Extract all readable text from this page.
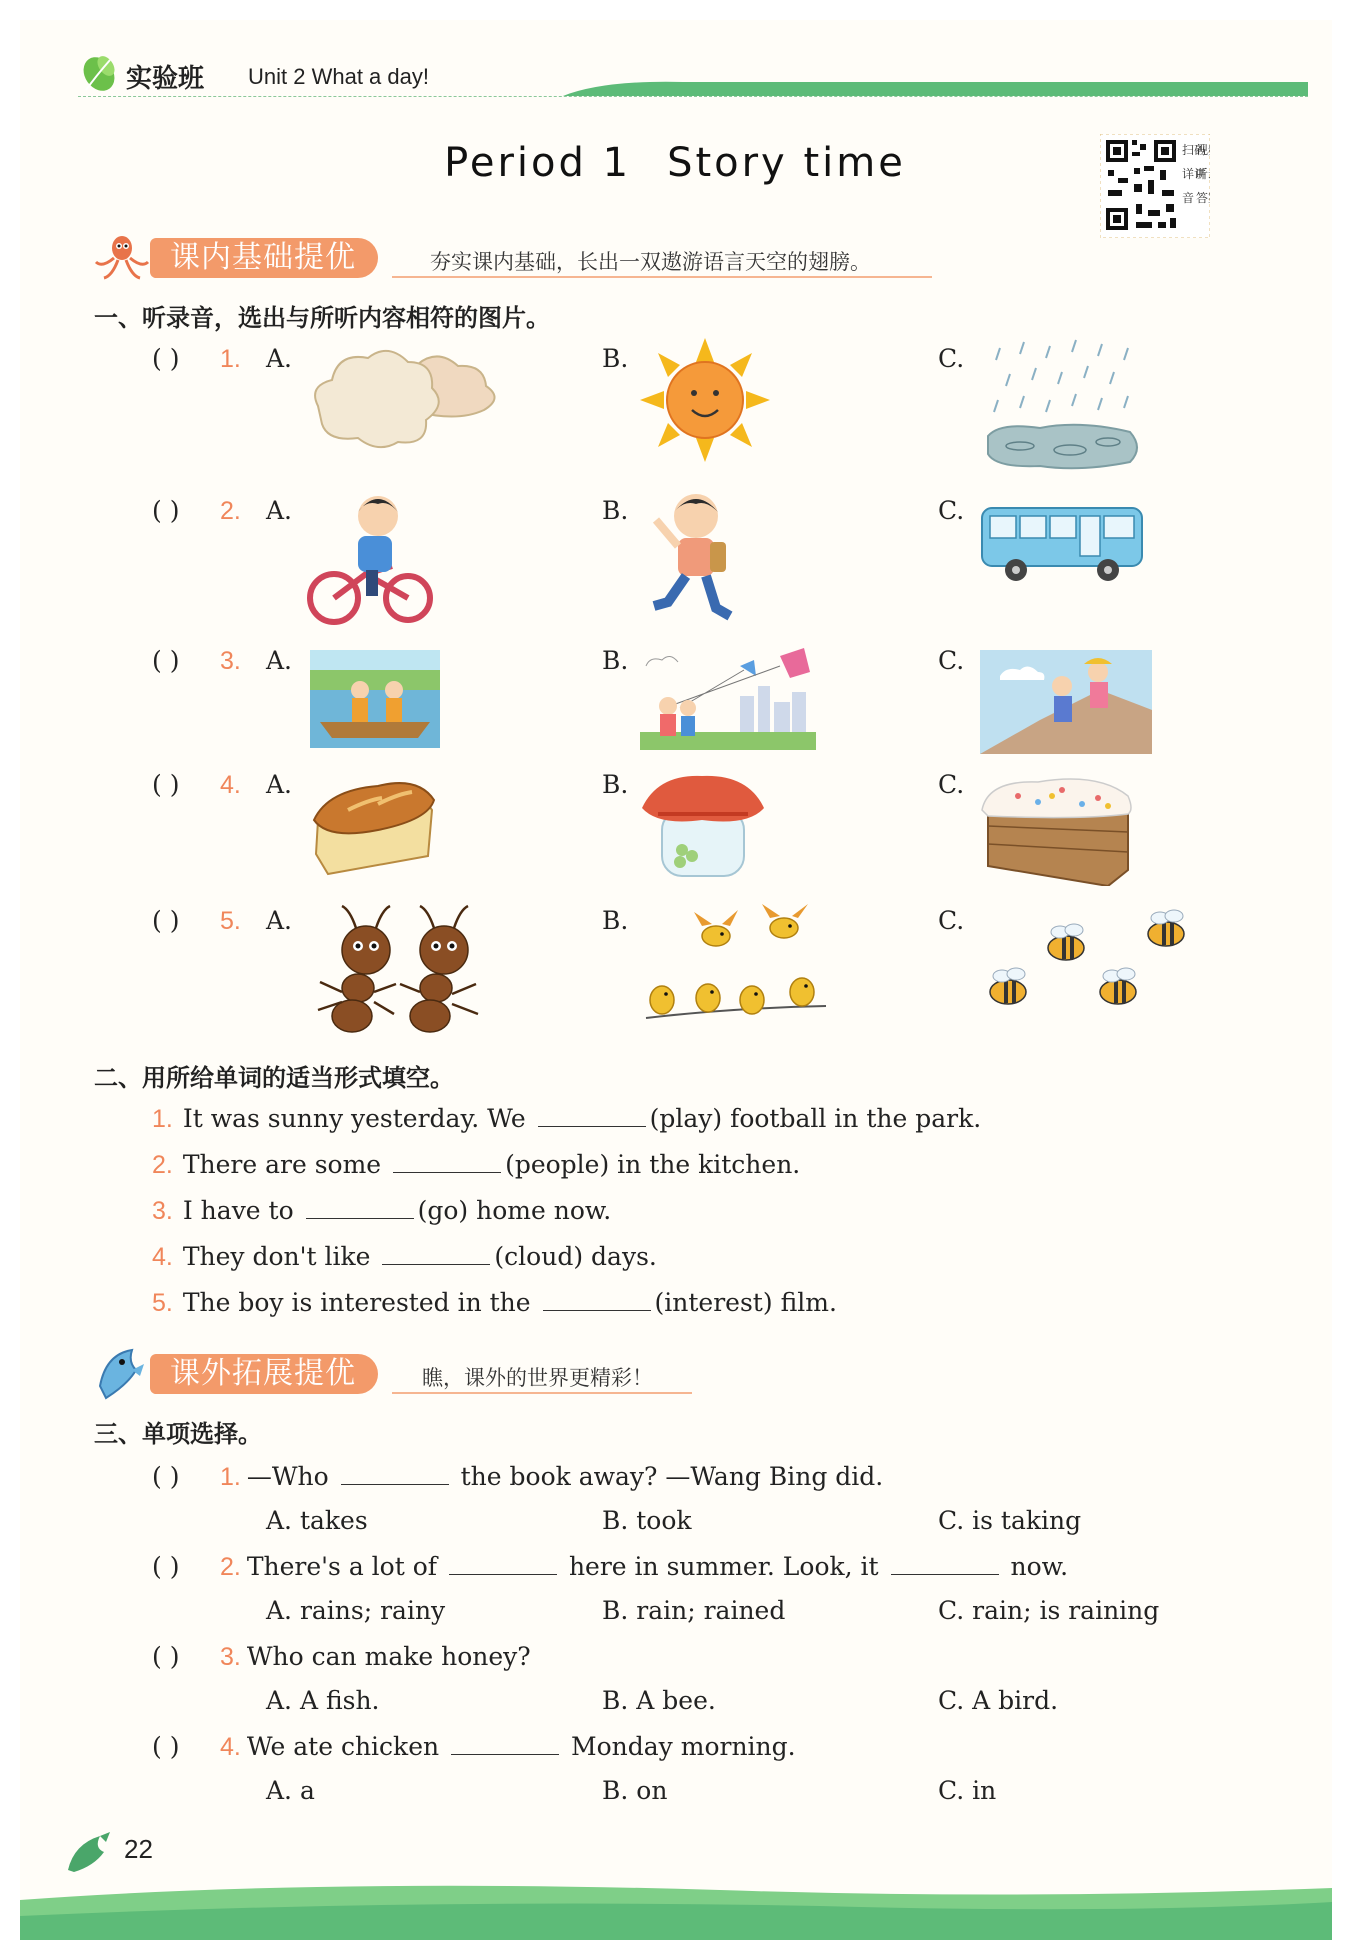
实验班 Unit 2 What a day!
Period 1 Story time	扫码
视
详讲
听
答
音
课内基础提优	夯实课内基础，长出一双遨游语言天空的翅膀。
一、听录音，选出与所听内容相符的图片。
( ) 1. A.	B.	C.
( ) 2. A.	B.	C.
( ) 3. A.	B.	C.
( ) 4. A.	B.	C.
( ) 5. A.	B.	C.
二、用所给单词的适当形式填空。
1. It was sunny yesterday. We	(play) football in the park.
2. There are some	(people) in the kitchen.
3. I have to	(go) home now.
4. They don't like	(cloud) days.
5. The boy is interested in the	(interest) film.
课外拓展提优	瞧，课外的世界更精彩！
三、单项选择。
( ) 1. —Who	the book away? —Wang Bing did.
A. takes	B. took	C. is taking
( ) 2. There's a lot of	here in summer. Look, it	now.
A. rains; rainy	B. rain; rained	C. rain; is raining
( ) 3. Who can make honey?
A. A fish.	B. A bee.	C. A bird.
( ) 4. We ate chicken	Monday morning.
A. a	B. on	C. in
22
